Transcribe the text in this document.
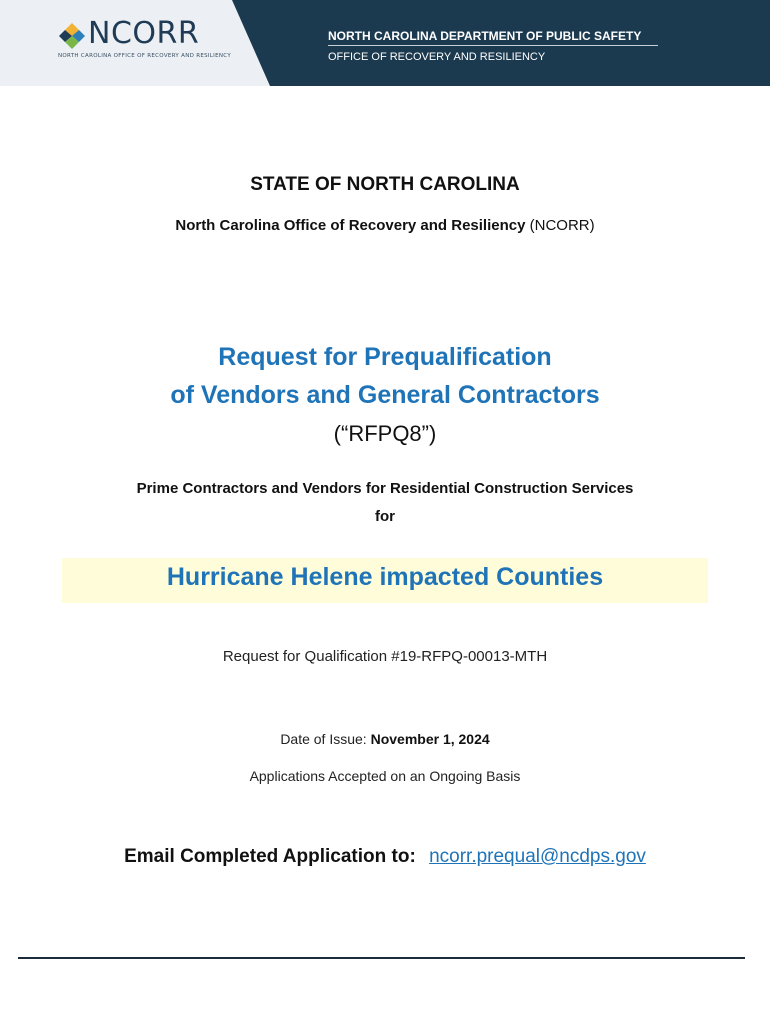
NCORR
NORTH CAROLINA OFFICE OF RECOVERY AND RESILIENCY
NORTH CAROLINA DEPARTMENT OF PUBLIC SAFETY
OFFICE OF RECOVERY AND RESILIENCY
STATE OF NORTH CAROLINA
North Carolina Office of Recovery and Resiliency (NCORR)
Request for Prequalification
of Vendors and General Contractors
(“RFPQ8”)
Prime Contractors and Vendors for Residential Construction Services
for
Hurricane Helene impacted Counties
Request for Qualification #19-RFPQ-00013-MTH
Date of Issue: November 1, 2024
Applications Accepted on an Ongoing Basis
Email Completed Application to: ncorr.prequal@ncdps.gov
